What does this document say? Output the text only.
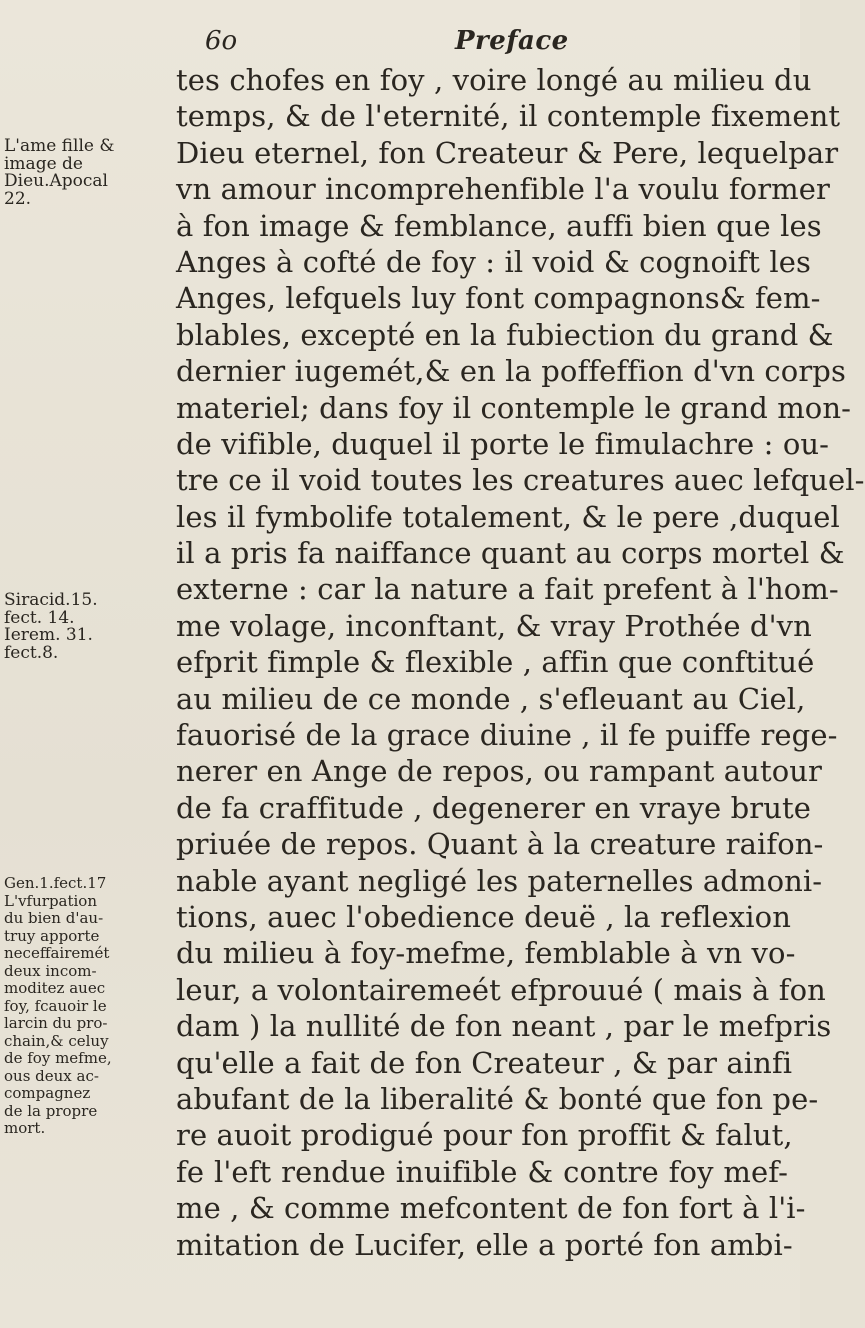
6o	Preface
L'ame fille &
image de
Dieu.Apocal
22.
Siracid.15.
fect. 14.
Ierem. 31.
fect.8.
Gen.1.fect.17
L'vfurpation
du bien d'au-
truy apporte
neceffairemét
deux incom-
moditez auec
foy, fcauoir le
larcin du pro-
chain,& celuy
de foy mefme,
ous deux ac-
compagnez
de la propre
mort.
tes chofes en foy , voire longé au milieu du
temps, & de l'eternité, il contemple fixement
Dieu eternel, fon Createur & Pere, lequelpar
vn amour incomprehenfible l'a voulu former
à fon image & femblance, auffi bien que les
Anges à cofté de foy : il void & cognoift les
Anges, lefquels luy font compagnons& fem-
blables, excepté en la fubiection du grand &
dernier iugemét,& en la poffeffion d'vn corps
materiel; dans foy il contemple le grand mon-
de vifible, duquel il porte le fimulachre : ou-
tre ce il void toutes les creatures auec lefquel-
les il fymbolife totalement, & le pere ,duquel
il a pris fa naiffance quant au corps mortel &
externe : car la nature a fait prefent à l'hom-
me volage, inconftant, & vray Prothée d'vn
efprit fimple & flexible , affin que conftitué
au milieu de ce monde , s'efleuant au Ciel,
fauorisé de la grace diuine , il fe puiffe rege-
nerer en Ange de repos, ou rampant autour
de fa craffitude , degenerer en vraye brute
priuée de repos. Quant à la creature raifon-
nable ayant negligé les paternelles admoni-
tions, auec l'obedience deuë , la reflexion
du milieu à foy-mefme, femblable à vn vo-
leur, a volontairemeét efprouué ( mais à fon
dam ) la nullité de fon neant , par le mefpris
qu'elle a fait de fon Createur , & par ainfi
abufant de la liberalité & bonté que fon pe-
re auoit prodigué pour fon proffit & falut,
fe l'eft rendue inuifible & contre foy mef-
me , & comme mefcontent de fon fort à l'i-
mitation de Lucifer, elle a porté fon ambi-
